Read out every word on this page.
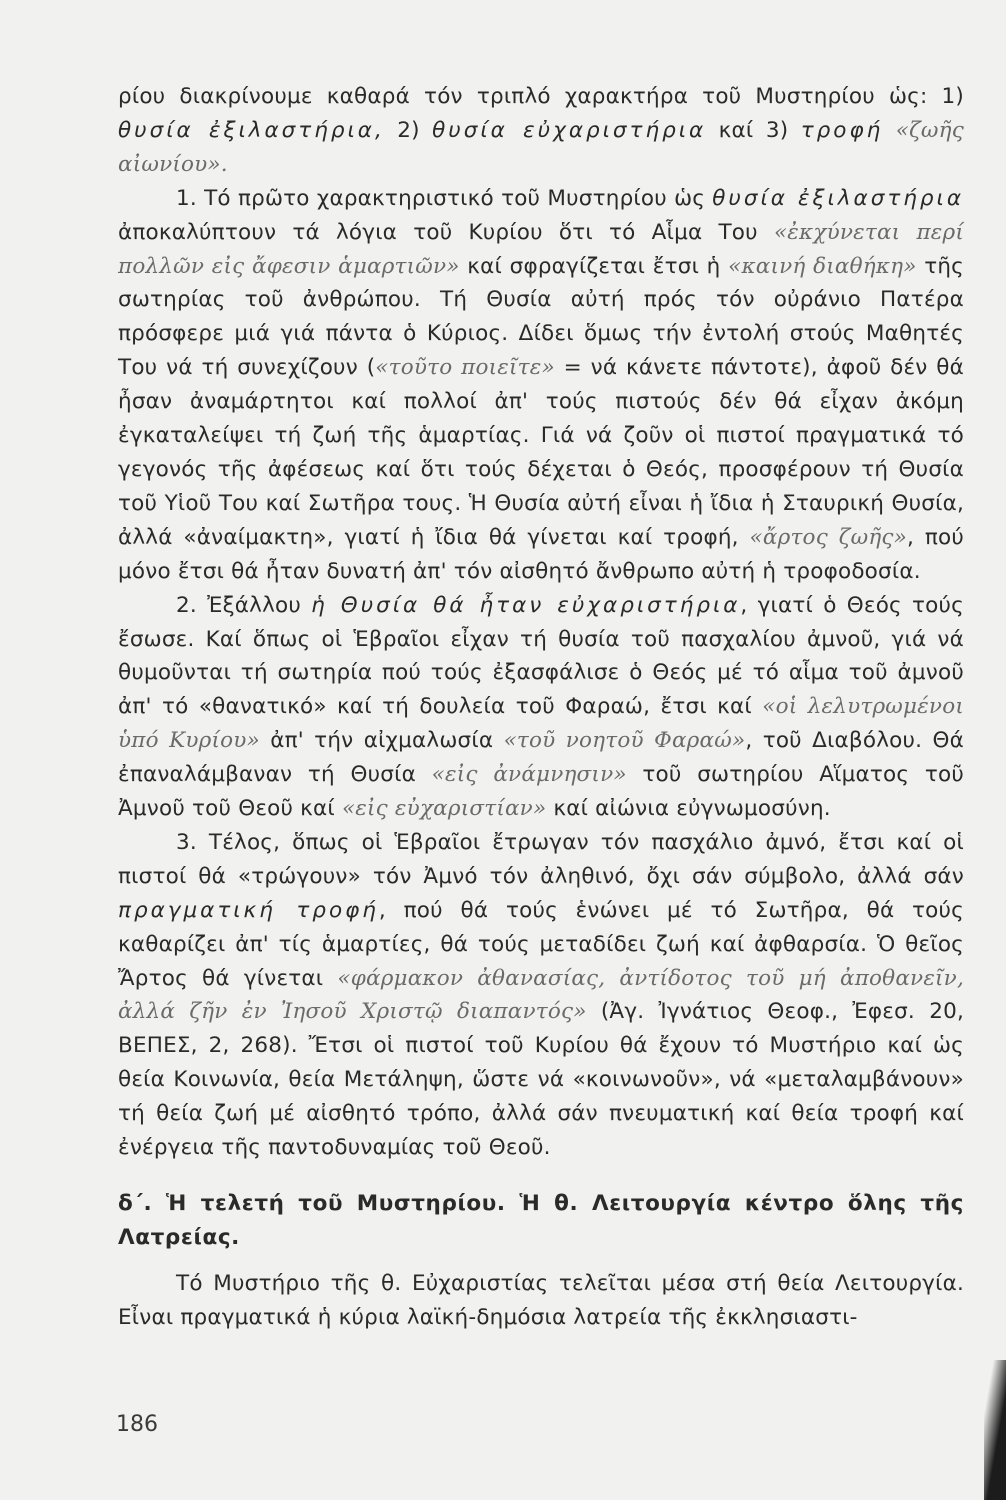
ρίου διακρίνουμε καθαρά τόν τριπλό χαρακτήρα τοῦ Μυστηρίου ὡς: 1) θυσία ἐξιλαστήρια, 2) θυσία εὐχαριστήρια καί 3) τροφή «ζωῆς αἰωνίου».

1. Τό πρῶτο χαρακτηριστικό τοῦ Μυστηρίου ὡς θυσία ἐξιλαστήρια ἀποκαλύπτουν τά λόγια τοῦ Κυρίου ὅτι τό Αἷμα Του «ἐκχύνεται περί πολλῶν εἰς ἄφεσιν ἁμαρτιῶν» καί σφραγίζεται ἔτσι ἡ «καινή διαθήκη» τῆς σωτηρίας τοῦ ἀνθρώπου. Τή Θυσία αὐτή πρός τόν οὐράνιο Πατέρα πρόσφερε μιά γιά πάντα ὁ Κύριος. Δίδει ὅμως τήν ἐντολή στούς Μαθητές Του νά τή συνεχίζουν («τοῦτο ποιεῖτε» = νά κάνετε πάντοτε), ἀφοῦ δέν θά ἦσαν ἀναμάρτητοι καί πολλοί ἀπ' τούς πιστούς δέν θά εἶχαν ἀκόμη ἐγκαταλείψει τή ζωή τῆς ἁμαρτίας. Γιά νά ζοῦν οἱ πιστοί πραγματικά τό γεγονός τῆς ἀφέσεως καί ὅτι τούς δέχεται ὁ Θεός, προσφέρουν τή Θυσία τοῦ Υἱοῦ Του καί Σωτῆρα τους. Ἡ Θυσία αὐτή εἶναι ἡ ἴδια ἡ Σταυρική Θυσία, ἀλλά «ἀναίμακτη», γιατί ἡ ἴδια θά γίνεται καί τροφή, «ἄρτος ζωῆς», πού μόνο ἔτσι θά ἦταν δυνατή ἀπ' τόν αἰσθητό ἄνθρωπο αὐτή ἡ τροφοδοσία.

2. Ἐξάλλου ἡ Θυσία θά ἦταν εὐχαριστήρια, γιατί ὁ Θεός τούς ἔσωσε. Καί ὅπως οἱ Ἑβραῖοι εἶχαν τή θυσία τοῦ πασχαλίου ἀμνοῦ, γιά νά θυμοῦνται τή σωτηρία πού τούς ἐξασφάλισε ὁ Θεός μέ τό αἷμα τοῦ ἀμνοῦ ἀπ' τό «θανατικό» καί τή δουλεία τοῦ Φαραώ, ἔτσι καί «οἱ λελυτρωμένοι ὑπό Κυρίου» ἀπ' τήν αἰχμαλωσία «τοῦ νοητοῦ Φαραώ», τοῦ Διαβόλου. Θά ἐπαναλάμβαναν τή Θυσία «εἰς ἀνάμνησιν» τοῦ σωτηρίου Αἵματος τοῦ Ἀμνοῦ τοῦ Θεοῦ καί «εἰς εὐχαριστίαν» καί αἰώνια εὐγνωμοσύνη.

3. Τέλος, ὅπως οἱ Ἑβραῖοι ἔτρωγαν τόν πασχάλιο ἀμνό, ἔτσι καί οἱ πιστοί θά «τρώγουν» τόν Ἀμνό τόν ἀληθινό, ὄχι σάν σύμβολο, ἀλλά σάν πραγματική τροφή, πού θά τούς ἑνώνει μέ τό Σωτῆρα, θά τούς καθαρίζει ἀπ' τίς ἁμαρτίες, θά τούς μεταδίδει ζωή καί ἀφθαρσία. Ὁ θεῖος Ἄρτος θά γίνεται «φάρμακον ἀθανασίας, ἀντίδοτος τοῦ μή ἀποθανεῖν, ἀλλά ζῆν ἐν Ἰησοῦ Χριστῷ διαπαντός» (Ἀγ. Ἰγνάτιος Θεοφ., Ἐφεσ. 20, ΒΕΠΕΣ, 2, 268). Ἔτσι οἱ πιστοί τοῦ Κυρίου θά ἔχουν τό Μυστήριο καί ὡς θεία Κοινωνία, θεία Μετάληψη, ὥστε νά «κοινωνοῦν», νά «μεταλαμβάνουν» τή θεία ζωή μέ αἰσθητό τρόπο, ἀλλά σάν πνευματική καί θεία τροφή καί ἐνέργεια τῆς παντοδυναμίας τοῦ Θεοῦ.

δ΄. Ἡ τελετή τοῦ Μυστηρίου. Ἡ θ. Λειτουργία κέντρο ὅλης τῆς Λατρείας.

Τό Μυστήριο τῆς θ. Εὐχαριστίας τελεῖται μέσα στή θεία Λειτουργία. Εἶναι πραγματικά ἡ κύρια λαϊκή-δημόσια λατρεία τῆς ἐκκλησιαστι-

186
